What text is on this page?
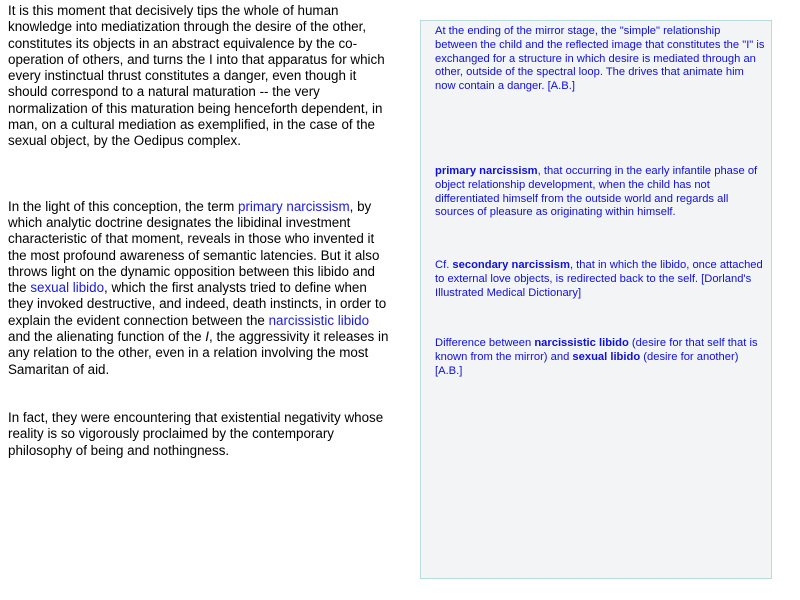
It is this moment that decisively tips the whole of human knowledge into mediatization through the desire of the other, constitutes its objects in an abstract equivalence by the co-operation of others, and turns the I into that apparatus for which every instinctual thrust constitutes a danger, even though it should correspond to a natural maturation -- the very normalization of this maturation being henceforth dependent, in man, on a cultural mediation as exemplified, in the case of the sexual object, by the Oedipus complex.

In the light of this conception, the term primary narcissism, by which analytic doctrine designates the libidinal investment characteristic of that moment, reveals in those who invented it the most profound awareness of semantic latencies. But it also throws light on the dynamic opposition between this libido and the sexual libido, which the first analysts tried to define when they invoked destructive, and indeed, death instincts, in order to explain the evident connection between the narcissistic libido and the alienating function of the I, the aggressivity it releases in any relation to the other, even in a relation involving the most Samaritan of aid.

In fact, they were encountering that existential negativity whose reality is so vigorously proclaimed by the contemporary philosophy of being and nothingness.

At the ending of the mirror stage, the "simple" relationship between the child and the reflected image that constitutes the "I" is exchanged for a structure in which desire is mediated through an other, outside of the spectral loop. The drives that animate him now contain a danger. [A.B.]

primary narcissism, that occurring in the early infantile phase of object relationship development, when the child has not differentiated himself from the outside world and regards all sources of pleasure as originating within himself.

Cf. secondary narcissism, that in which the libido, once attached to external love objects, is redirected back to the self. [Dorland's Illustrated Medical Dictionary]

Difference between narcissistic libido (desire for that self that is known from the mirror) and sexual libido (desire for another) [A.B.]
